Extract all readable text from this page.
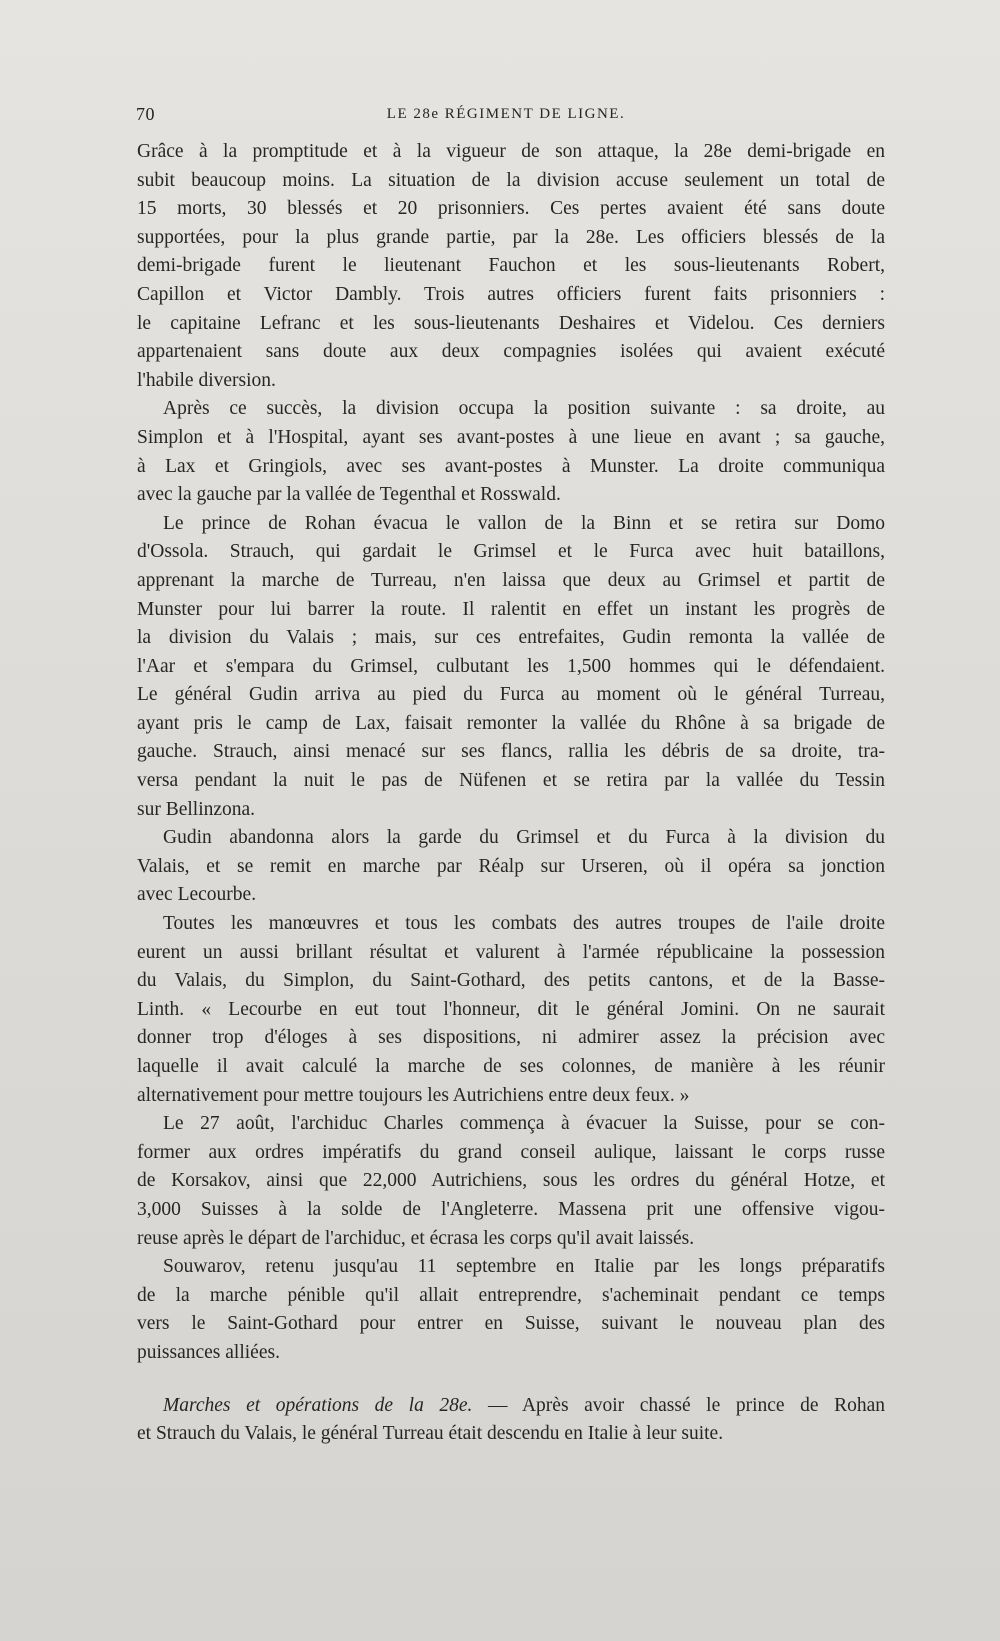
70	LE 28e RÉGIMENT DE LIGNE.
Grâce à la promptitude et à la vigueur de son attaque, la 28e demi-brigade en
subit beaucoup moins. La situation de la division accuse seulement un total de
15 morts, 30 blessés et 20 prisonniers. Ces pertes avaient été sans doute
supportées, pour la plus grande partie, par la 28e. Les officiers blessés de la
demi-brigade furent le lieutenant Fauchon et les sous-lieutenants Robert,
Capillon et Victor Dambly. Trois autres officiers furent faits prisonniers :
le capitaine Lefranc et les sous-lieutenants Deshaires et Videlou. Ces derniers
appartenaient sans doute aux deux compagnies isolées qui avaient exécuté
l'habile diversion.
Après ce succès, la division occupa la position suivante : sa droite, au
Simplon et à l'Hospital, ayant ses avant-postes à une lieue en avant ; sa gauche,
à Lax et Gringiols, avec ses avant-postes à Munster. La droite communiqua
avec la gauche par la vallée de Tegenthal et Rosswald.
Le prince de Rohan évacua le vallon de la Binn et se retira sur Domo
d'Ossola. Strauch, qui gardait le Grimsel et le Furca avec huit bataillons,
apprenant la marche de Turreau, n'en laissa que deux au Grimsel et partit de
Munster pour lui barrer la route. Il ralentit en effet un instant les progrès de
la division du Valais ; mais, sur ces entrefaites, Gudin remonta la vallée de
l'Aar et s'empara du Grimsel, culbutant les 1,500 hommes qui le défendaient.
Le général Gudin arriva au pied du Furca au moment où le général Turreau,
ayant pris le camp de Lax, faisait remonter la vallée du Rhône à sa brigade de
gauche. Strauch, ainsi menacé sur ses flancs, rallia les débris de sa droite, tra-
versa pendant la nuit le pas de Nüfenen et se retira par la vallée du Tessin
sur Bellinzona.
Gudin abandonna alors la garde du Grimsel et du Furca à la division du
Valais, et se remit en marche par Réalp sur Urseren, où il opéra sa jonction
avec Lecourbe.
Toutes les manœuvres et tous les combats des autres troupes de l'aile droite
eurent un aussi brillant résultat et valurent à l'armée républicaine la possession
du Valais, du Simplon, du Saint-Gothard, des petits cantons, et de la Basse-
Linth. « Lecourbe en eut tout l'honneur, dit le général Jomini. On ne saurait
donner trop d'éloges à ses dispositions, ni admirer assez la précision avec
laquelle il avait calculé la marche de ses colonnes, de manière à les réunir
alternativement pour mettre toujours les Autrichiens entre deux feux. »
Le 27 août, l'archiduc Charles commença à évacuer la Suisse, pour se con-
former aux ordres impératifs du grand conseil aulique, laissant le corps russe
de Korsakov, ainsi que 22,000 Autrichiens, sous les ordres du général Hotze, et
3,000 Suisses à la solde de l'Angleterre. Massena prit une offensive vigou-
reuse après le départ de l'archiduc, et écrasa les corps qu'il avait laissés.
Souwarov, retenu jusqu'au 11 septembre en Italie par les longs préparatifs
de la marche pénible qu'il allait entreprendre, s'acheminait pendant ce temps
vers le Saint-Gothard pour entrer en Suisse, suivant le nouveau plan des
puissances alliées.
Marches et opérations de la 28e. — Après avoir chassé le prince de Rohan
et Strauch du Valais, le général Turreau était descendu en Italie à leur suite.
